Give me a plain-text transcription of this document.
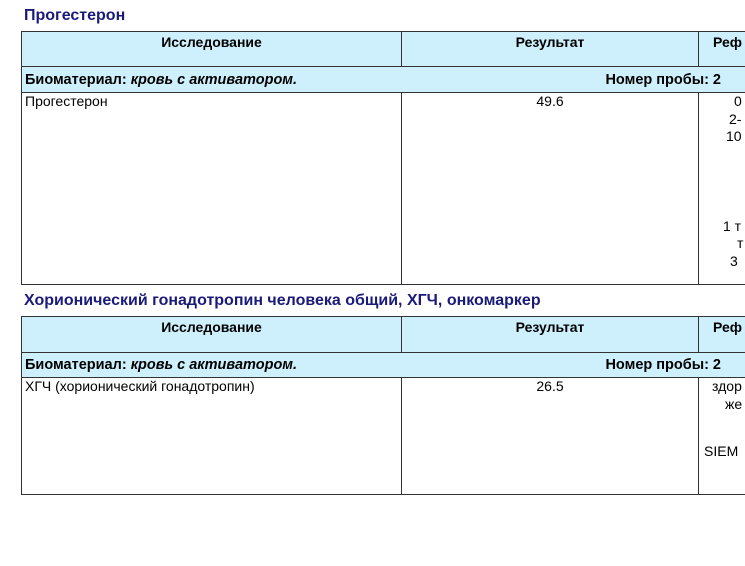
Прогестерон
Исследование	Результат	Реф

Биоматериал: кровь с активатором. Номер пробы: 2		

Прогестерон	49.6	0
2-
10
1 т
т
3
Хорионический гонадотропин человека общий, ХГЧ, онкомаркер
Исследование	Результат	Реф

Биоматериал: кровь с активатором. Номер пробы: 2		

ХГЧ (хорионический гонадотропин)	26.5	здор
же
SIEM
